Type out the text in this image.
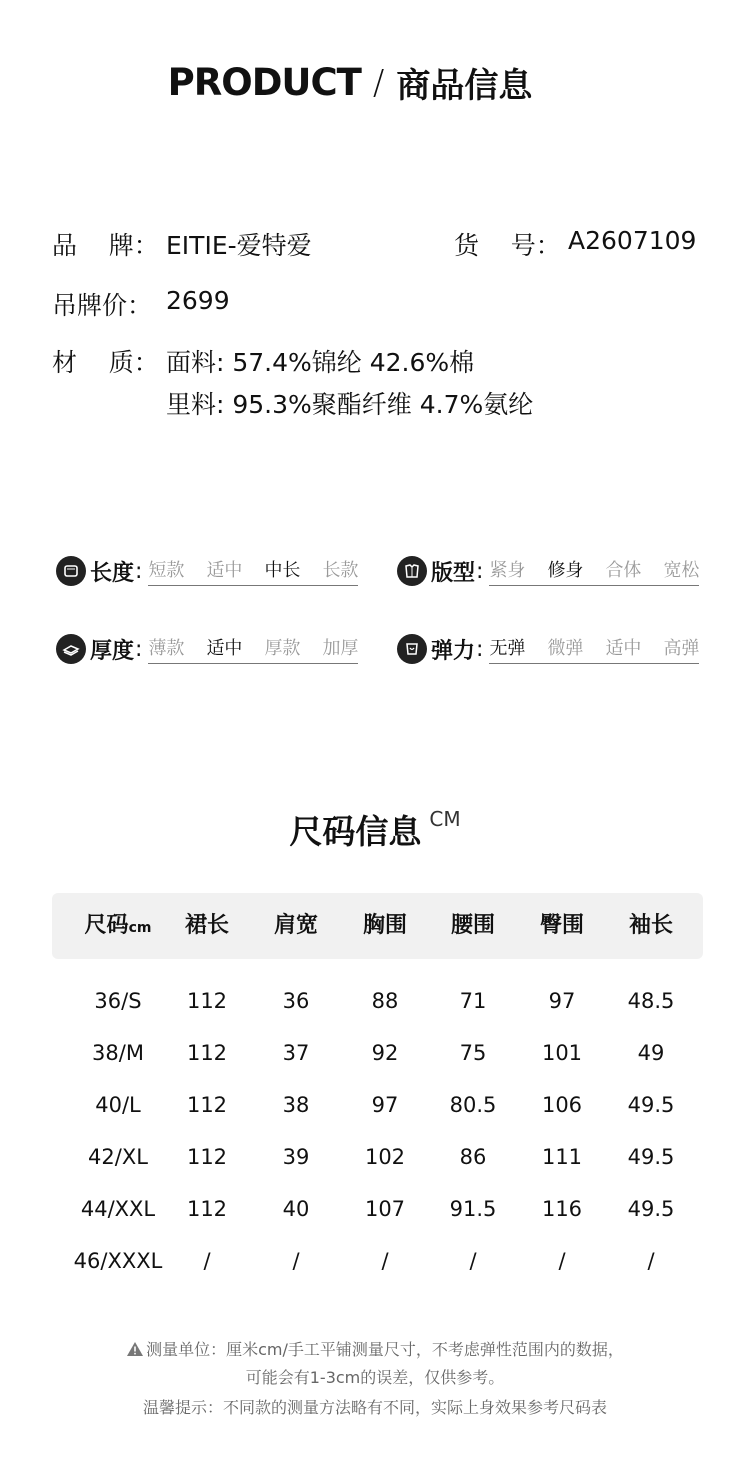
PRODUCT / 商品信息
品    牌： EITIE-爱特爱	货    号： A2607109
吊牌价： 2699
材    质： 面料: 57.4%锦纶 42.6%棉
里料: 95.3%聚酯纤维 4.7%氨纶
长度 : 短款 适中 中长 长款	版型 : 紧身 修身 合体 宽松
厚度 : 薄款 适中 厚款 加厚	弹力 : 无弹 微弹 适中 高弹
尺码信息 CM
尺码cm	裙长	肩宽	胸围	腰围	臀围	袖长
36/S	112	36	88	71	97	48.5
38/M	112	37	92	75	101	49
40/L	112	38	97	80.5	106	49.5
42/XL	112	39	102	86	111	49.5
44/XXL	112	40	107	91.5	116	49.5
46/XXXL	/	/	/	/	/	/
测量单位：厘米cm/手工平铺测量尺寸，不考虑弹性范围内的数据，
可能会有1-3cm的误差，仅供参考。
温馨提示：不同款的测量方法略有不同，实际上身效果参考尺码表
